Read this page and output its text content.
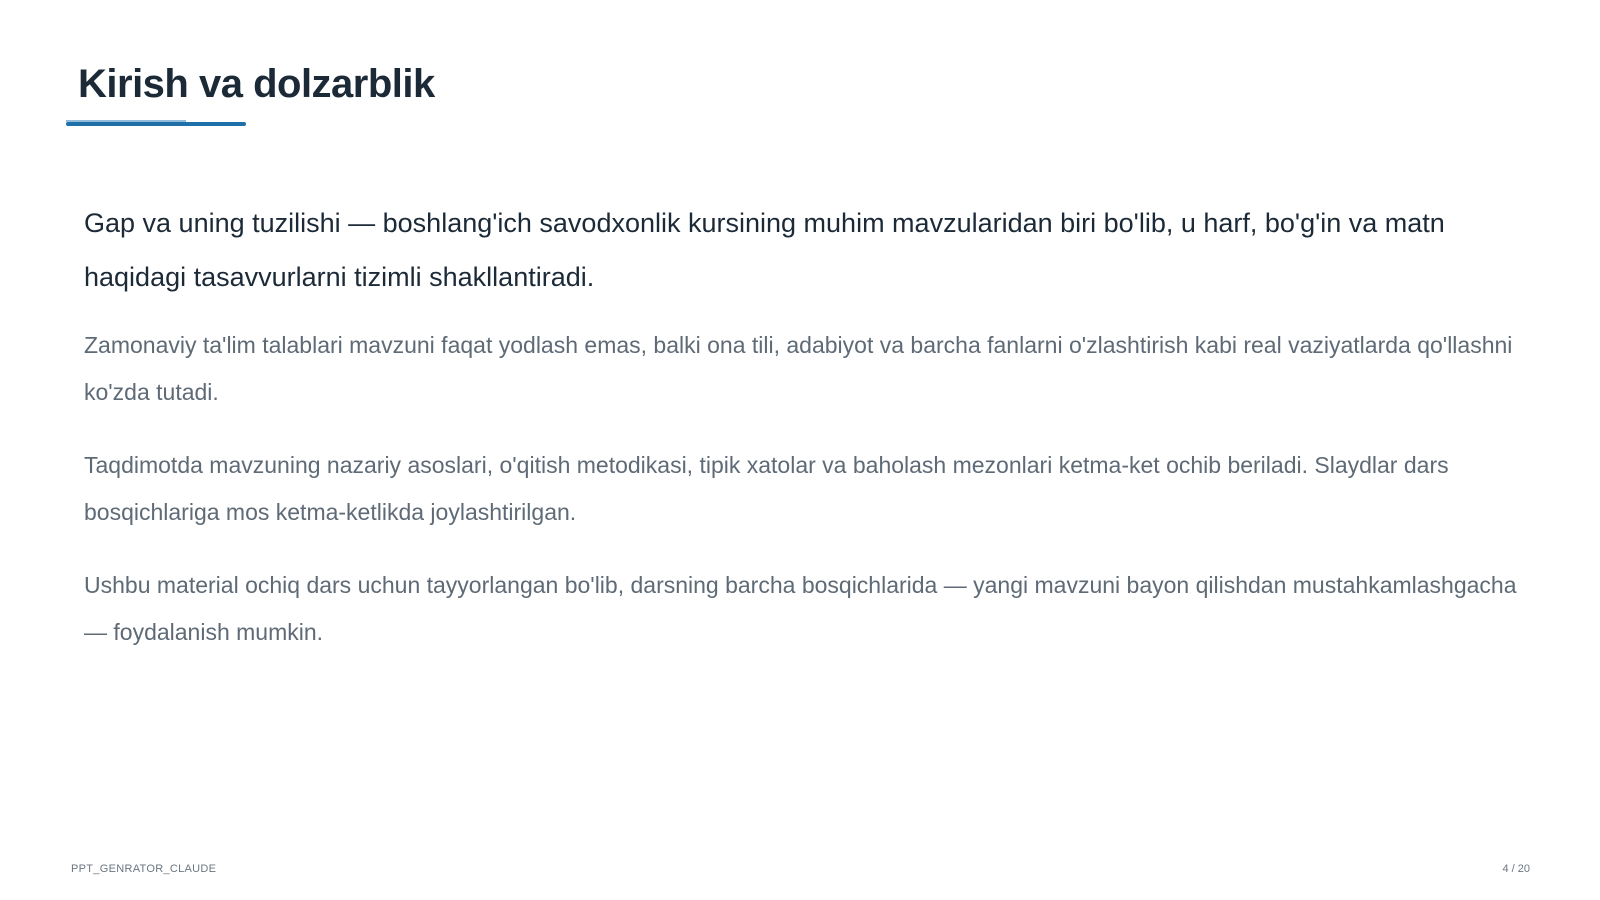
Kirish va dolzarblik

Gap va uning tuzilishi — boshlang'ich savodxonlik kursining muhim mavzularidan biri bo'lib, u harf, bo'g'in va matn haqidagi tasavvurlarni tizimli shakllantiradi.

Zamonaviy ta'lim talablari mavzuni faqat yodlash emas, balki ona tili, adabiyot va barcha fanlarni o'zlashtirish kabi real vaziyatlarda qo'llashni ko'zda tutadi.

Taqdimotda mavzuning nazariy asoslari, o'qitish metodikasi, tipik xatolar va baholash mezonlari ketma-ket ochib beriladi. Slaydlar dars bosqichlariga mos ketma-ketlikda joylashtirilgan.

Ushbu material ochiq dars uchun tayyorlangan bo'lib, darsning barcha bosqichlarida — yangi mavzuni bayon qilishdan mustahkamlashgacha — foydalanish mumkin.

PPT_GENRATOR_CLAUDE	4 / 20
